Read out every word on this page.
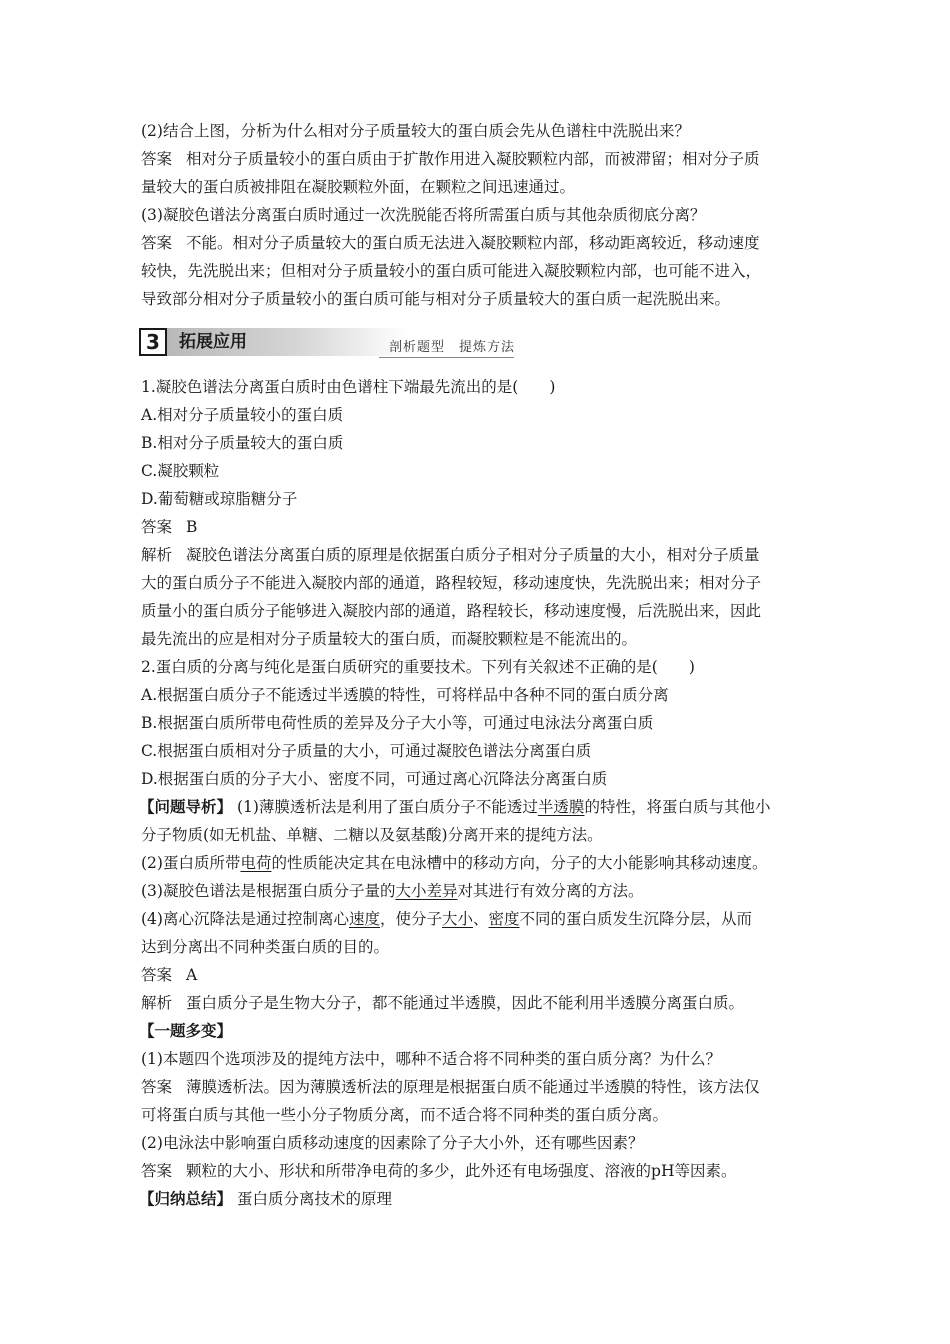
(2)结合上图，分析为什么相对分子质量较大的蛋白质会先从色谱柱中洗脱出来？

答案 相对分子质量较小的蛋白质由于扩散作用进入凝胶颗粒内部，而被滞留；相对分子质

量较大的蛋白质被排阻在凝胶颗粒外面，在颗粒之间迅速通过。

(3)凝胶色谱法分离蛋白质时通过一次洗脱能否将所需蛋白质与其他杂质彻底分离？

答案 不能。相对分子质量较大的蛋白质无法进入凝胶颗粒内部，移动距离较近，移动速度

较快，先洗脱出来；但相对分子质量较小的蛋白质可能进入凝胶颗粒内部，也可能不进入，

导致部分相对分子质量较小的蛋白质可能与相对分子质量较大的蛋白质一起洗脱出来。

3	拓展应用	剖析题型　提炼方法

1.凝胶色谱法分离蛋白质时由色谱柱下端最先流出的是(　　)

A.相对分子质量较小的蛋白质

B.相对分子质量较大的蛋白质

C.凝胶颗粒

D.葡萄糖或琼脂糖分子

答案 B

解析 凝胶色谱法分离蛋白质的原理是依据蛋白质分子相对分子质量的大小，相对分子质量

大的蛋白质分子不能进入凝胶内部的通道，路程较短，移动速度快，先洗脱出来；相对分子

质量小的蛋白质分子能够进入凝胶内部的通道，路程较长，移动速度慢，后洗脱出来，因此

最先流出的应是相对分子质量较大的蛋白质，而凝胶颗粒是不能流出的。

2.蛋白质的分离与纯化是蛋白质研究的重要技术。下列有关叙述不正确的是(　　)

A.根据蛋白质分子不能透过半透膜的特性，可将样品中各种不同的蛋白质分离

B.根据蛋白质所带电荷性质的差异及分子大小等，可通过电泳法分离蛋白质

C.根据蛋白质相对分子质量的大小，可通过凝胶色谱法分离蛋白质

D.根据蛋白质的分子大小、密度不同，可通过离心沉降法分离蛋白质

【问题导析】 (1)薄膜透析法是利用了蛋白质分子不能透过半透膜的特性，将蛋白质与其他小

分子物质(如无机盐、单糖、二糖以及氨基酸)分离开来的提纯方法。

(2)蛋白质所带电荷的性质能决定其在电泳槽中的移动方向，分子的大小能影响其移动速度。

(3)凝胶色谱法是根据蛋白质分子量的大小差异对其进行有效分离的方法。

(4)离心沉降法是通过控制离心速度，使分子大小、密度不同的蛋白质发生沉降分层，从而

达到分离出不同种类蛋白质的目的。

答案 A

解析 蛋白质分子是生物大分子，都不能通过半透膜，因此不能利用半透膜分离蛋白质。

【一题多变】

(1)本题四个选项涉及的提纯方法中，哪种不适合将不同种类的蛋白质分离？为什么？

答案 薄膜透析法。因为薄膜透析法的原理是根据蛋白质不能通过半透膜的特性，该方法仅

可将蛋白质与其他一些小分子物质分离，而不适合将不同种类的蛋白质分离。

(2)电泳法中影响蛋白质移动速度的因素除了分子大小外，还有哪些因素？

答案 颗粒的大小、形状和所带净电荷的多少，此外还有电场强度、溶液的pH等因素。

【归纳总结】 蛋白质分离技术的原理
